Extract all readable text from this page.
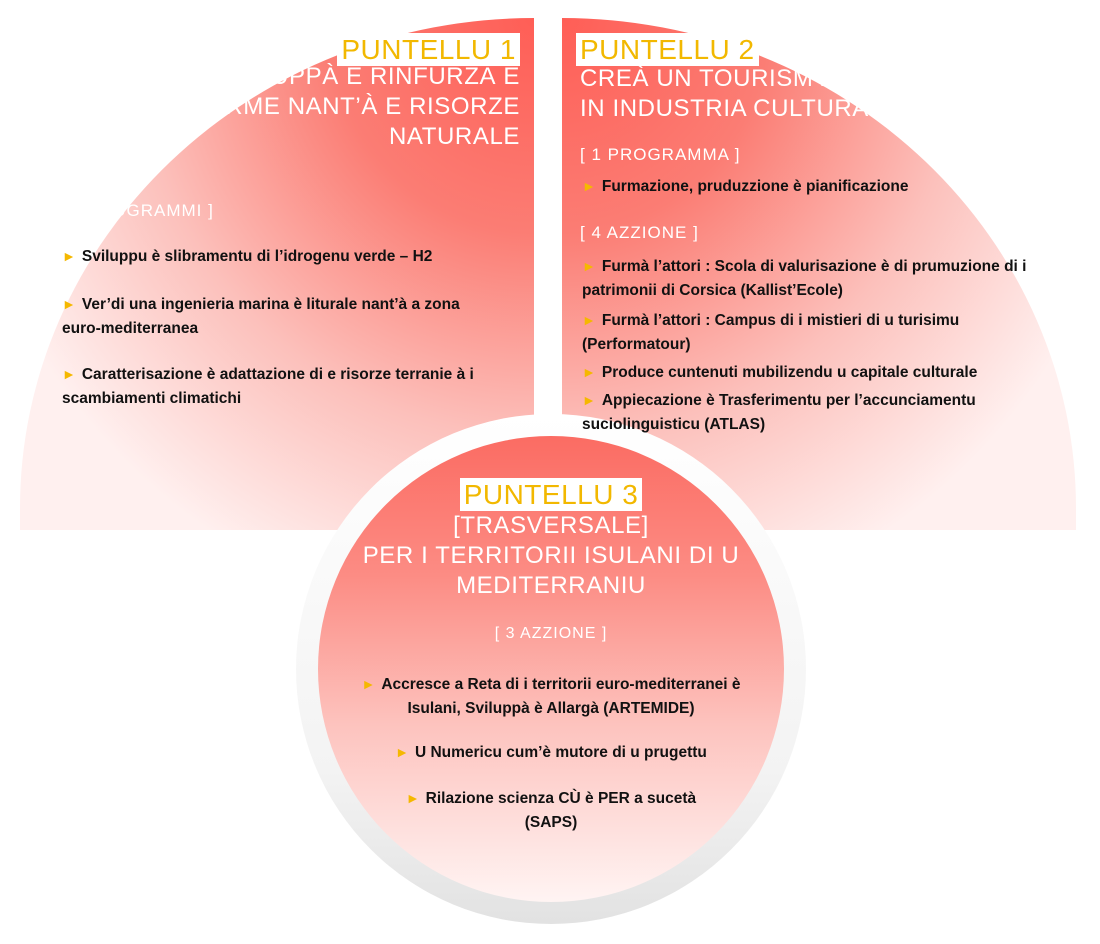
PUNTELLU 1
SVILUPPÀ È RINFURZÀ E
PIATTAFORME NANT’À E RISORZE
NATURALE
[ 3 PRUGRAMMI ]
► Sviluppu è slibramentu di l’idrogenu verde – H2
► Ver’di una ingenieria marina è liturale nant’à a zona euro-mediterranea
► Caratterisazione è adattazione di e risorze terranie à i scambiamenti climatichi
PUNTELLU 2
CREÀ UN TOURISM’LAB
IN INDUSTRIA CULTURALE
[ 1 PROGRAMMA ]
► Furmazione, pruduzzione è pianificazione
[ 4 AZZIONE ]
► Furmà l’attori : Scola di valurisazione è di prumuzione di i patrimonii di Corsica (Kallist’Ecole)
► Furmà l’attori : Campus di i mistieri di u turisimu (Performatour)
► Produce cuntenuti mubilizendu u capitale culturale
► Appiecazione è Trasferimentu per l’accunciamentu suciolinguisticu (ATLAS)
PUNTELLU 3
[TRASVERSALE]
PER I TERRITORII ISULANI DI U
MEDITERRANIU
[ 3 AZZIONE ]
► Accresce a Reta di i territorii euro-mediterranei è Isulani, Sviluppà è Allargà (ARTEMIDE)
► U Numericu cum’è mutore di u prugettu
► Rilazione scienza CÙ è PER a sucetà (SAPS)
